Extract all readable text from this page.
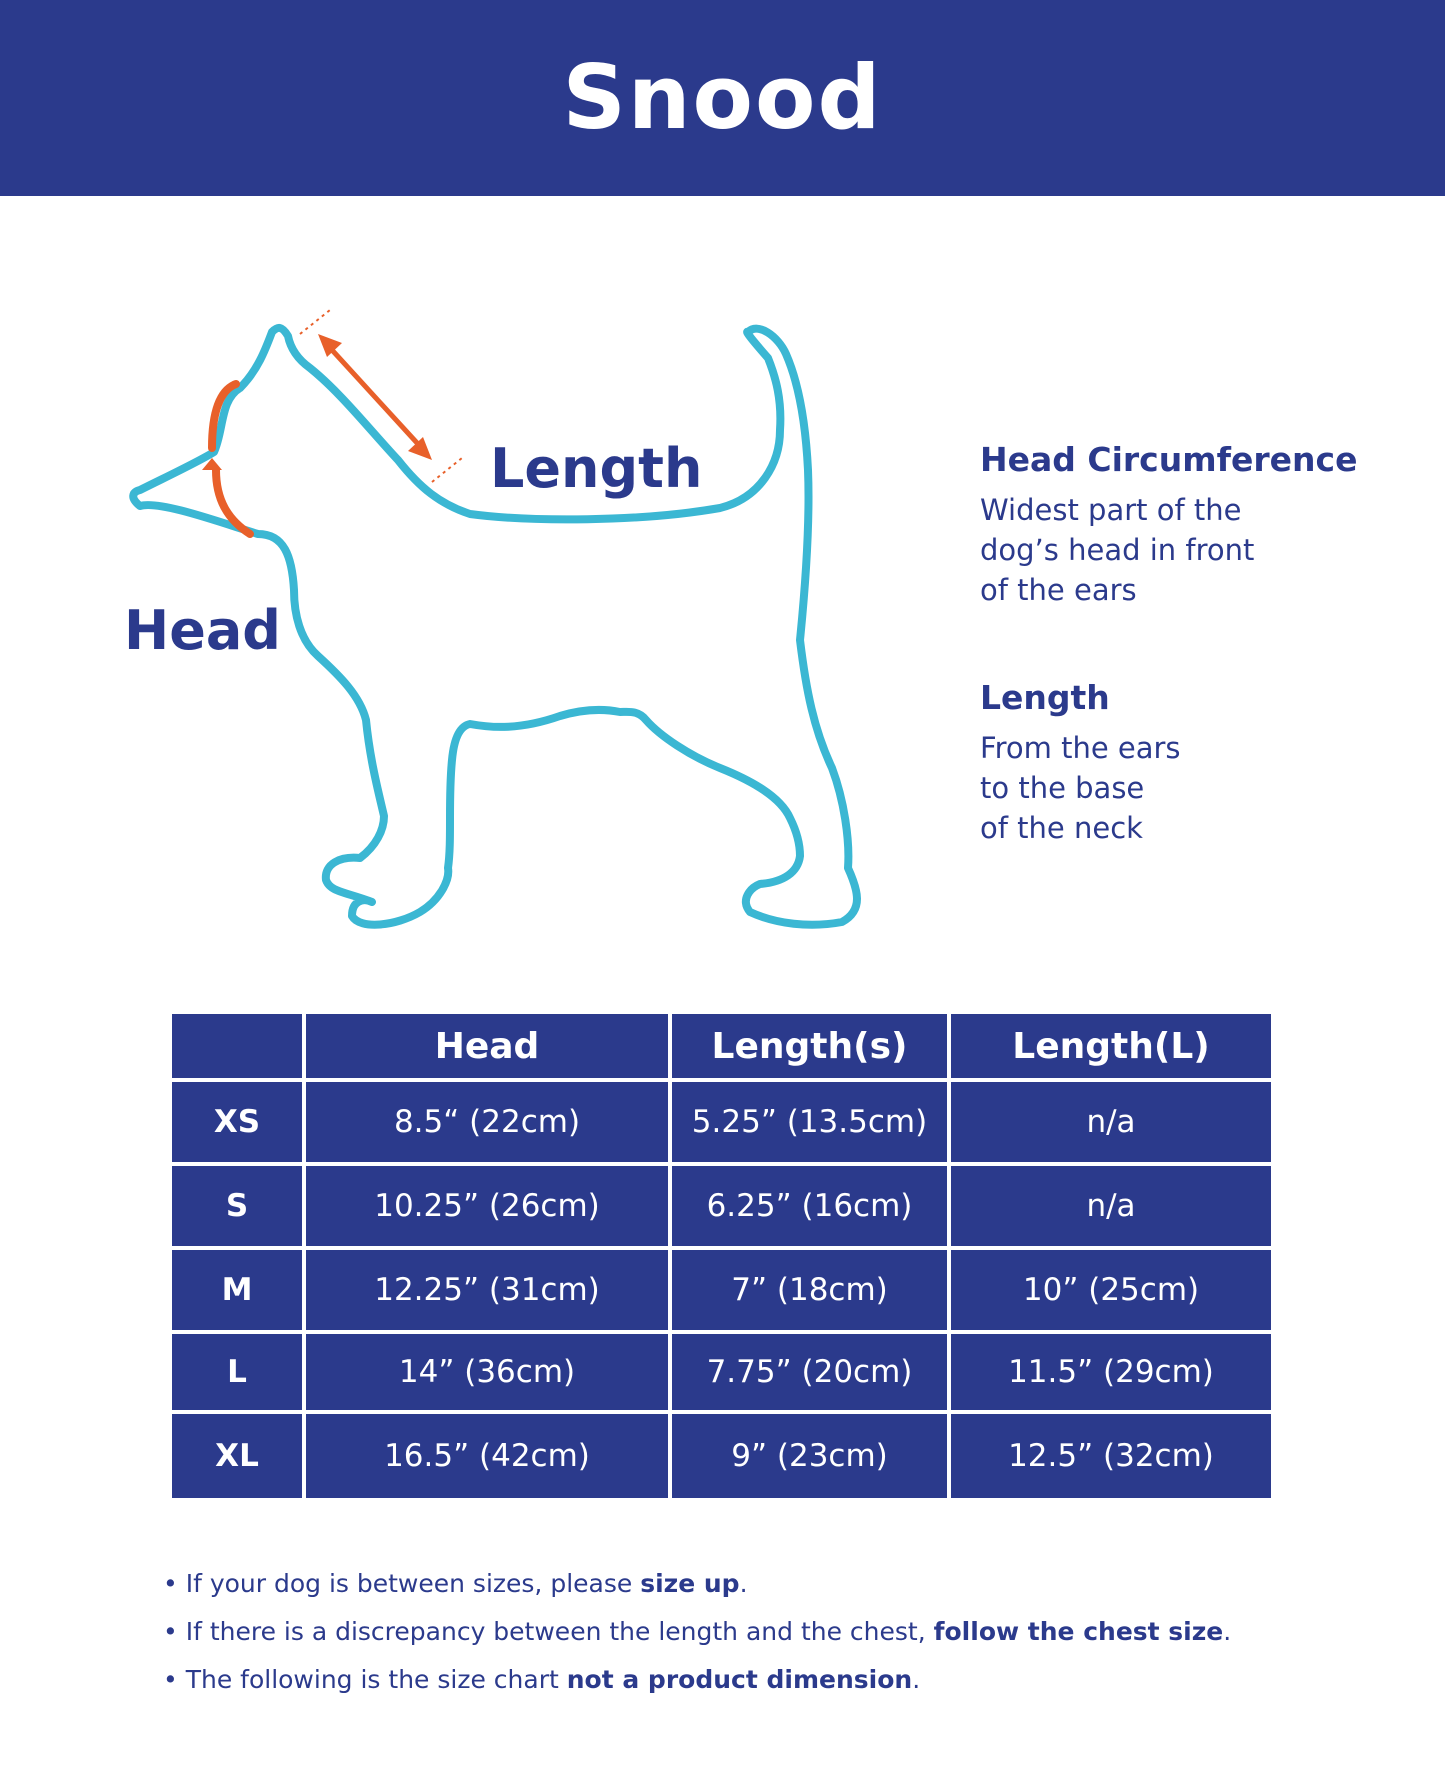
Snood
Length
Head
Head Circumference
Widest part of the
dog’s head in front
of the ears
Length
From the ears
to the base
of the neck
	Head	Length(s)	Length(L)
XS	8.5“ (22cm)	5.25” (13.5cm)	n/a
S	10.25” (26cm)	6.25” (16cm)	n/a
M	12.25” (31cm)	7” (18cm)	10” (25cm)
L	14” (36cm)	7.75” (20cm)	11.5” (29cm)
XL	16.5” (42cm)	9” (23cm)	12.5” (32cm)
• If your dog is between sizes, please size up.
• If there is a discrepancy between the length and the chest, follow the chest size.
• The following is the size chart not a product dimension.
